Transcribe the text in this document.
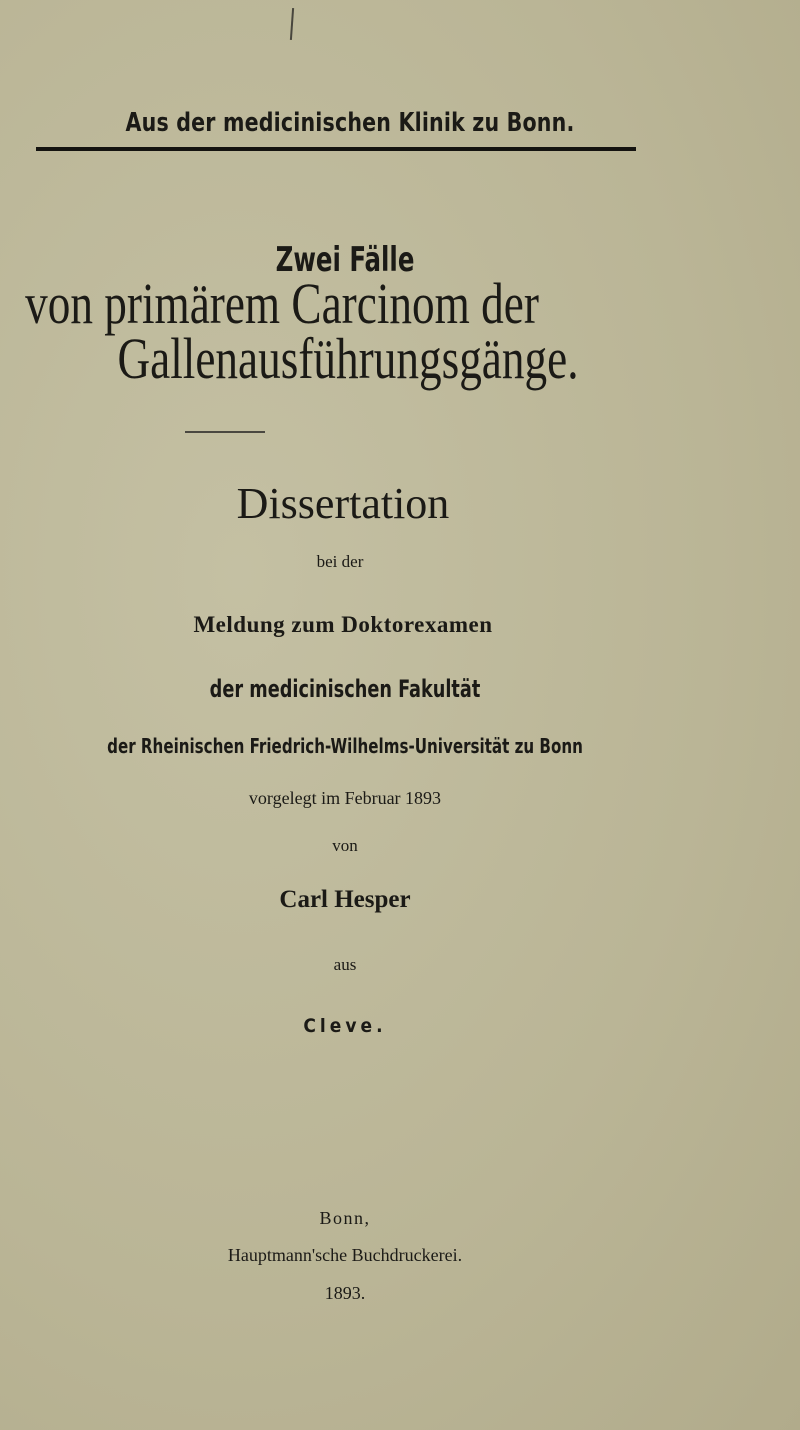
Aus der medicinischen Klinik zu Bonn.
Zwei Fälle
von primärem Carcinom der
Gallenausführungsgänge.
Dissertation
bei der
Meldung zum Doktorexamen
der medicinischen Fakultät
der Rheinischen Friedrich-Wilhelms-Universität zu Bonn
vorgelegt im Februar 1893
von
Carl Hesper
aus
Cleve.
Bonn,
Hauptmann'sche Buchdruckerei.
1893.
